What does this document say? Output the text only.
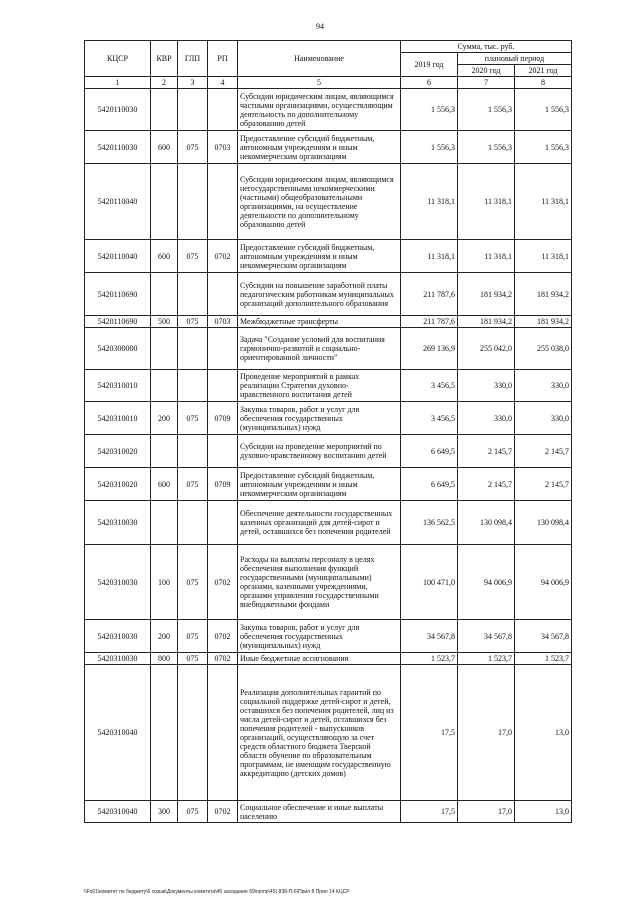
94
КЦСР	КВР	ГЛП	РП	Наименование	Сумма, тыс. руб.		
					2019 год	плановый период	
						2020 год	2021 год
1	2	3	4	5	6	7	8
5420110030				Субсидии юридическим лицам, являющимся частными организациями, осуществляющим деятельность по дополнительному образованию детей	1 556,3	1 556,3	1 556,3
5420110030	600	075	0703	Предоставление субсидий бюджетным, автономным учреждениям и иным некоммерческим организациям	1 556,3	1 556,3	1 556,3
5420110040				Субсидии юридическим лицам, являющимся негосударственными некоммерческими (частными) общеобразовательными организациями, на осуществление деятельности по дополнительному образованию детей	11 318,1	11 318,1	11 318,1
5420110040	600	075	0702	Предоставление субсидий бюджетным, автономным учреждениям и иным некоммерческим организациям	11 318,1	11 318,1	11 318,1
5420110690				Субсидии на повышение заработной платы педагогическим работникам муниципальных организаций дополнительного образования	211 787,6	181 934,2	181 934,2
5420110690	500	075	0703	Межбюджетные трансферты	211 787,6	181 934,2	181 934,2
5420300000				Задача "Создание условий для воспитания гармонично-развитой и социально-ориентированной личности"	269 136,9	255 042,0	255 038,0
5420310010				Проведение мероприятий в рамках реализации Стратегии духовно-нравственного воспитания детей	3 456,5	330,0	330,0
5420310010	200	075	0709	Закупка товаров, работ и услуг для обеспечения государственных (муниципальных) нужд	3 456,5	330,0	330,0
5420310020				Субсидии на проведение мероприятий по духовно-нравственному воспитанию детей	6 649,5	2 145,7	2 145,7
5420310020	600	075	0709	Предоставление субсидий бюджетным, автономным учреждениям и иным некоммерческим организациям	6 649,5	2 145,7	2 145,7
5420310030				Обеспечение деятельности государственных казенных организаций для детей-сирот и детей, оставшихся без попечения родителей	136 562,5	130 098,4	130 098,4
5420310030	100	075	0702	Расходы на выплаты персоналу в целях обеспечения выполнения функций государственными (муниципальными) органами, казенными учреждениями, органами управления государственными внебюджетными фондами	100 471,0	94 006,9	94 006,9
5420310030	200	075	0702	Закупка товаров, работ и услуг для обеспечения государственных (муниципальных) нужд	34 567,8	34 567,8	34 567,8
5420310030	800	075	0702	Иные бюджетные ассигнования	1 523,7	1 523,7	1 523,7
5420310040				Реализация дополнительных гарантий по социальной поддержке детей-сирот и детей, оставшихся без попечения родителей, лиц из числа детей-сирот и детей, оставшихся без попечения родителей - выпускников организаций, осуществляющую за счет средств областного бюджета Тверской области обучение по образовательным программам, не имеющим государственную аккредитацию (детских домов)	17,5	17,0	13,0
5420310040	300	075	0702	Социальное обеспечение и иные выплаты населению	17,5	17,0	13,0
\\Fs01\комитет по бюджету\6 созыв\Документы комитета\45 заседание 69\пр\пр\45) 838-П-6\Прил 8 Прил 14 КЦСР
